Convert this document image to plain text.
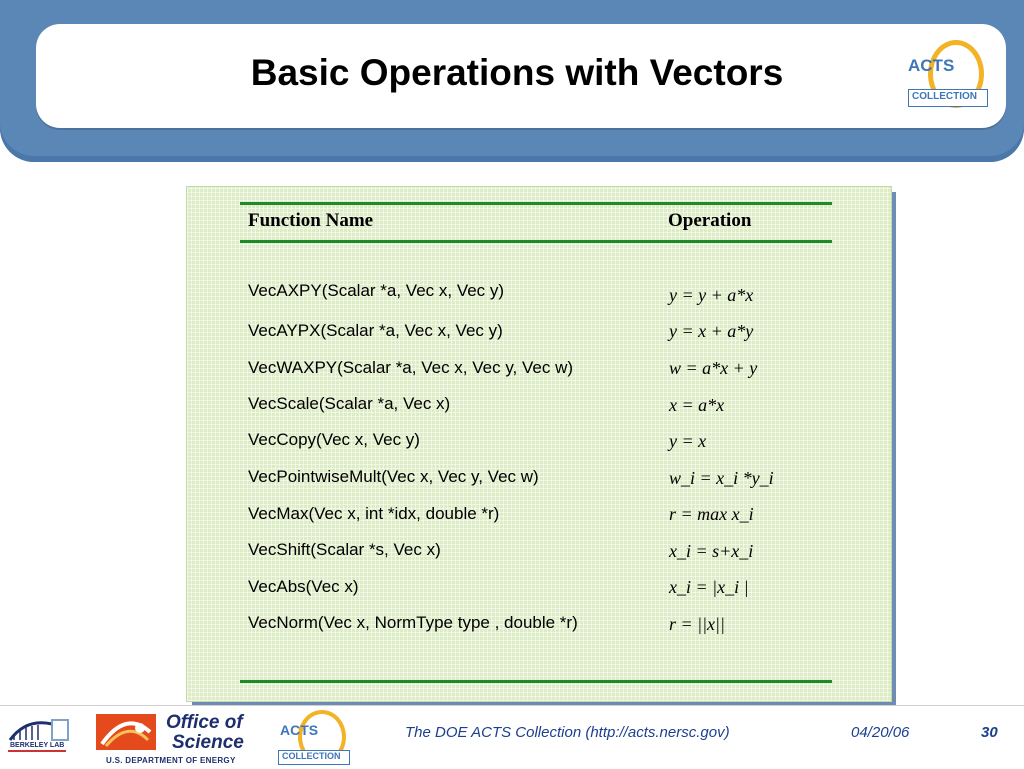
Basic Operations with Vectors	ACTS
COLLECTION
Function Name	Operation
VecAXPY(Scalar *a, Vec x, Vec y)	y = y + a*x
VecAYPX(Scalar *a, Vec x, Vec y)	y = x + a*y
VecWAXPY(Scalar *a, Vec x, Vec y, Vec w)	w = a*x + y
VecScale(Scalar *a, Vec x)	x = a*x
VecCopy(Vec x, Vec y)	y = x
VecPointwiseMult(Vec x, Vec y, Vec w)	w_i = x_i *y_i
VecMax(Vec x, int *idx, double *r)	r = max x_i
VecShift(Scalar *s, Vec x)	x_i = s+x_i
VecAbs(Vec x)	x_i = |x_i |
VecNorm(Vec x, NormType type , double *r)	r = ||x||
BERKELEY LAB
Office of
Science
U.S. DEPARTMENT OF ENERGY
ACTS
COLLECTION
The DOE ACTS Collection (http://acts.nersc.gov)	04/20/06	30
